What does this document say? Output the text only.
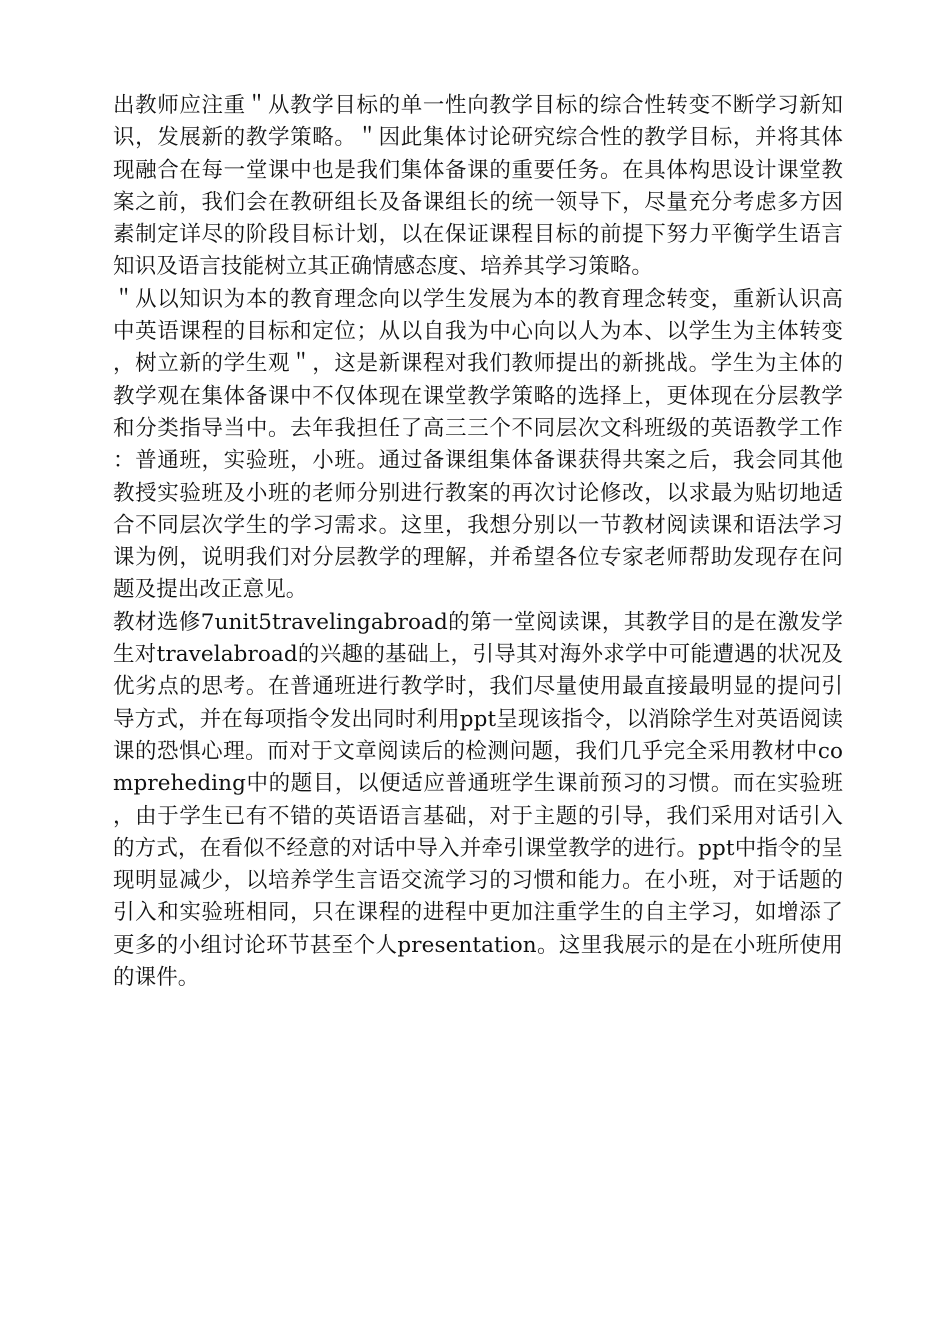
出教师应注重＂从教学目标的单一性向教学目标的综合性转变不断学习新知识，发展新的教学策略。＂因此集体讨论研究综合性的教学目标，并将其体现融合在每一堂课中也是我们集体备课的重要任务。在具体构思设计课堂教案之前，我们会在教研组长及备课组长的统一领导下，尽量充分考虑多方因素制定详尽的阶段目标计划，以在保证课程目标的前提下努力平衡学生语言知识及语言技能树立其正确情感态度、培养其学习策略。

＂从以知识为本的教育理念向以学生发展为本的教育理念转变，重新认识高中英语课程的目标和定位；从以自我为中心向以人为本、以学生为主体转变，树立新的学生观＂，这是新课程对我们教师提出的新挑战。学生为主体的教学观在集体备课中不仅体现在课堂教学策略的选择上，更体现在分层教学和分类指导当中。去年我担任了高三三个不同层次文科班级的英语教学工作：普通班，实验班，小班。通过备课组集体备课获得共案之后，我会同其他教授实验班及小班的老师分别进行教案的再次讨论修改，以求最为贴切地适合不同层次学生的学习需求。这里，我想分别以一节教材阅读课和语法学习课为例，说明我们对分层教学的理解，并希望各位专家老师帮助发现存在问题及提出改正意见。

教材选修7unit5travelingabroad的第一堂阅读课，其教学目的是在激发学生对travelabroad的兴趣的基础上，引导其对海外求学中可能遭遇的状况及优劣点的思考。在普通班进行教学时，我们尽量使用最直接最明显的提问引导方式，并在每项指令发出同时利用ppt呈现该指令，以消除学生对英语阅读课的恐惧心理。而对于文章阅读后的检测问题，我们几乎完全采用教材中compreheding中的题目，以便适应普通班学生课前预习的习惯。而在实验班，由于学生已有不错的英语语言基础，对于主题的引导，我们采用对话引入的方式，在看似不经意的对话中导入并牵引课堂教学的进行。ppt中指令的呈现明显减少，以培养学生言语交流学习的习惯和能力。在小班，对于话题的引入和实验班相同，只在课程的进程中更加注重学生的自主学习，如增添了更多的小组讨论环节甚至个人presentation。这里我展示的是在小班所使用的课件。
